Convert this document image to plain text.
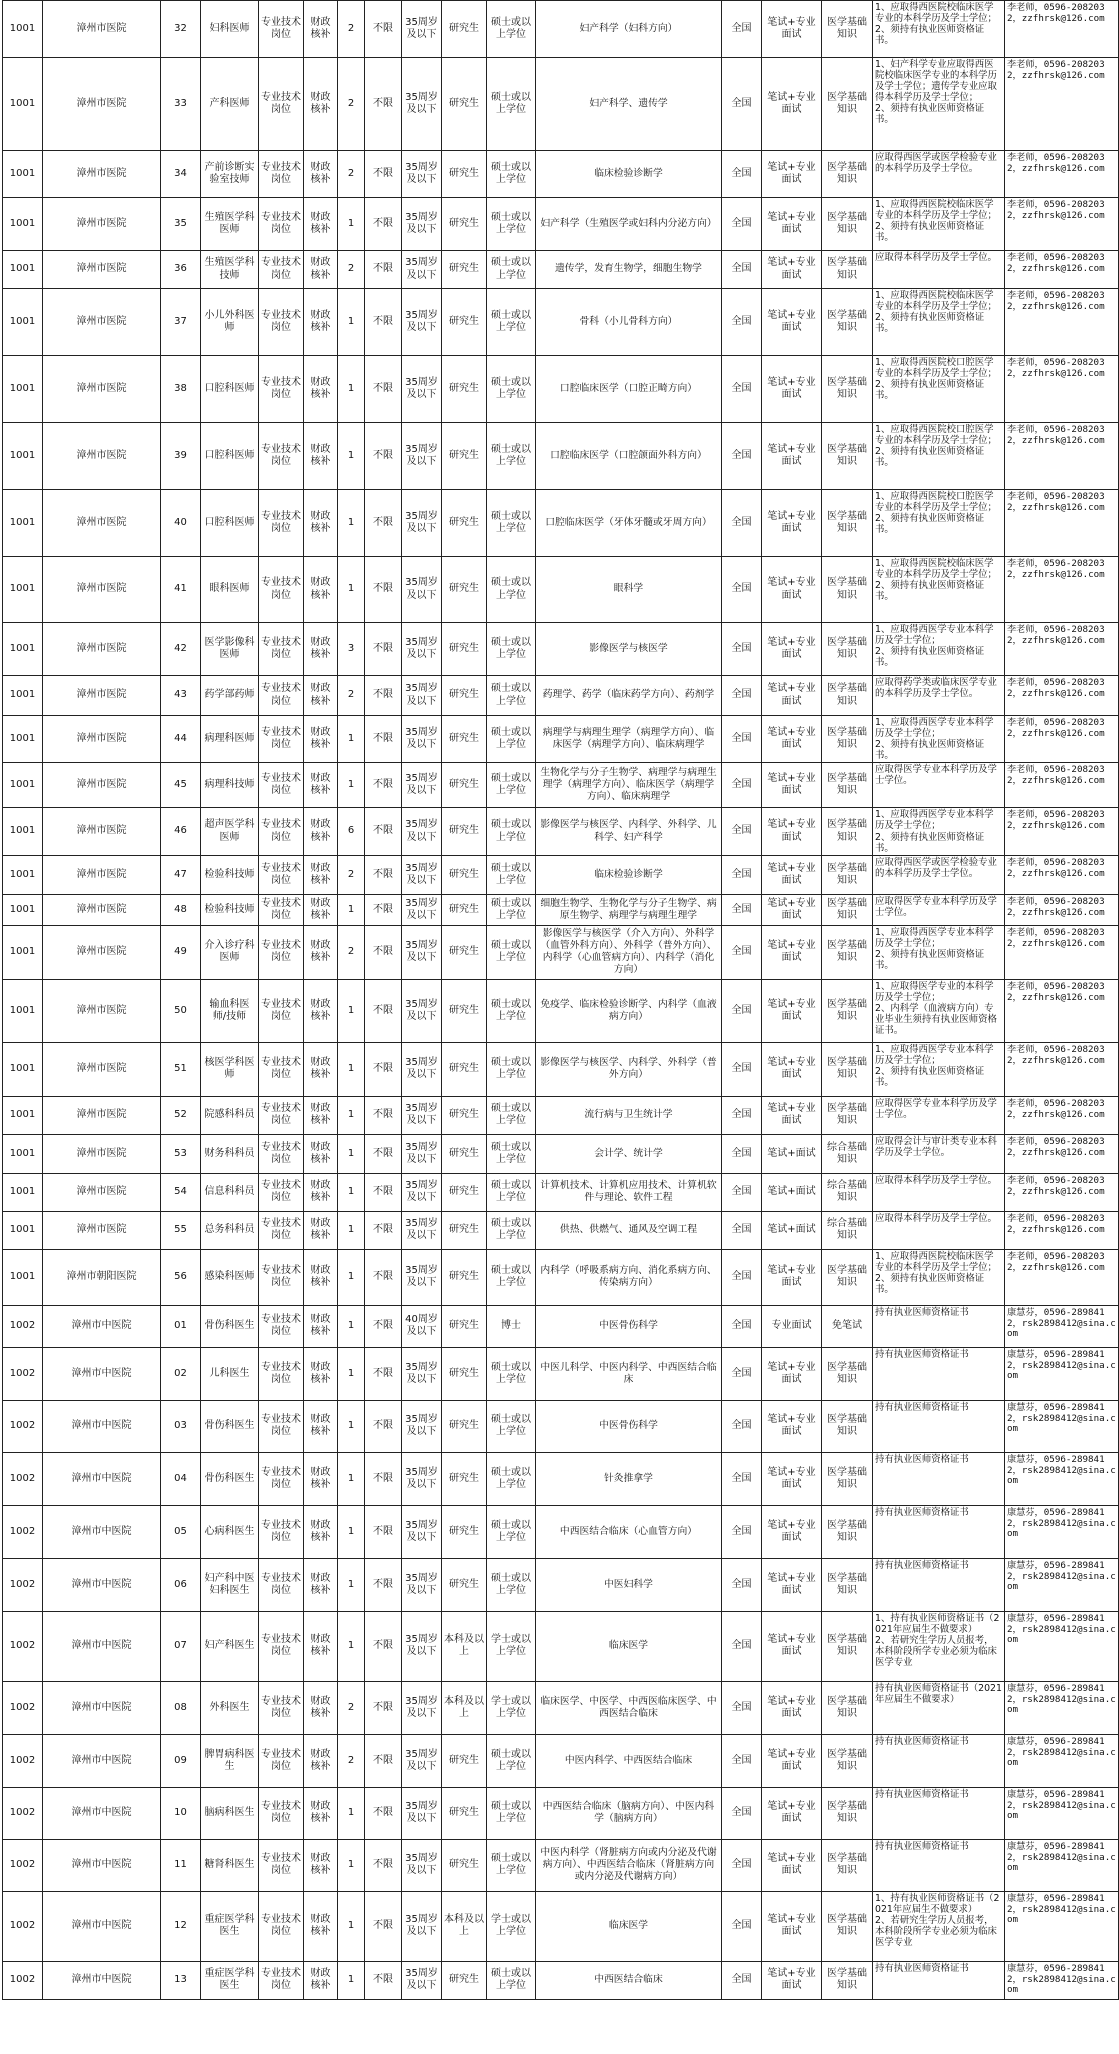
1001	漳州市医院	32	妇科医师	专业技术岗位	财政核补	2	不限	35周岁及以下	研究生	硕士或以上学位	妇产科学（妇科方向）	全国	笔试+专业面试	医学基础知识	1、应取得西医院校临床医学专业的本科学历及学士学位；
2、须持有执业医师资格证书。	李老师，0596-2082032，zzfhrsk@126.com
1001	漳州市医院	33	产科医师	专业技术岗位	财政核补	2	不限	35周岁及以下	研究生	硕士或以上学位	妇产科学、遗传学	全国	笔试+专业面试	医学基础知识	1、妇产科学专业应取得西医院校临床医学专业的本科学历及学士学位；遗传学专业应取得本科学历及学士学位；
2、须持有执业医师资格证书。	李老师，0596-2082032，zzfhrsk@126.com
1001	漳州市医院	34	产前诊断实验室技师	专业技术岗位	财政核补	2	不限	35周岁及以下	研究生	硕士或以上学位	临床检验诊断学	全国	笔试+专业面试	医学基础知识	应取得西医学或医学检验专业的本科学历及学士学位。	李老师，0596-2082032，zzfhrsk@126.com
1001	漳州市医院	35	生殖医学科医师	专业技术岗位	财政核补	1	不限	35周岁及以下	研究生	硕士或以上学位	妇产科学（生殖医学或妇科内分泌方向）	全国	笔试+专业面试	医学基础知识	1、应取得西医院校临床医学专业的本科学历及学士学位；
2、须持有执业医师资格证书。	李老师，0596-2082032，zzfhrsk@126.com
1001	漳州市医院	36	生殖医学科技师	专业技术岗位	财政核补	2	不限	35周岁及以下	研究生	硕士或以上学位	遗传学，发育生物学，细胞生物学	全国	笔试+专业面试	医学基础知识	应取得本科学历及学士学位。	李老师，0596-2082032，zzfhrsk@126.com
1001	漳州市医院	37	小儿外科医师	专业技术岗位	财政核补	1	不限	35周岁及以下	研究生	硕士或以上学位	骨科（小儿骨科方向）	全国	笔试+专业面试	医学基础知识	1、应取得西医院校临床医学专业的本科学历及学士学位；
2、须持有执业医师资格证书。	李老师，0596-2082032，zzfhrsk@126.com
1001	漳州市医院	38	口腔科医师	专业技术岗位	财政核补	1	不限	35周岁及以下	研究生	硕士或以上学位	口腔临床医学（口腔正畸方向）	全国	笔试+专业面试	医学基础知识	1、应取得西医院校口腔医学专业的本科学历及学士学位；
2、须持有执业医师资格证书。	李老师，0596-2082032，zzfhrsk@126.com
1001	漳州市医院	39	口腔科医师	专业技术岗位	财政核补	1	不限	35周岁及以下	研究生	硕士或以上学位	口腔临床医学（口腔颌面外科方向）	全国	笔试+专业面试	医学基础知识	1、应取得西医院校口腔医学专业的本科学历及学士学位；
2、须持有执业医师资格证书。	李老师，0596-2082032，zzfhrsk@126.com
1001	漳州市医院	40	口腔科医师	专业技术岗位	财政核补	1	不限	35周岁及以下	研究生	硕士或以上学位	口腔临床医学（牙体牙髓或牙周方向）	全国	笔试+专业面试	医学基础知识	1、应取得西医院校口腔医学专业的本科学历及学士学位；
2、须持有执业医师资格证书。	李老师，0596-2082032，zzfhrsk@126.com
1001	漳州市医院	41	眼科医师	专业技术岗位	财政核补	1	不限	35周岁及以下	研究生	硕士或以上学位	眼科学	全国	笔试+专业面试	医学基础知识	1、应取得西医院校临床医学专业的本科学历及学士学位；
2、须持有执业医师资格证书。	李老师，0596-2082032，zzfhrsk@126.com
1001	漳州市医院	42	医学影像科医师	专业技术岗位	财政核补	3	不限	35周岁及以下	研究生	硕士或以上学位	影像医学与核医学	全国	笔试+专业面试	医学基础知识	1、应取得西医学专业本科学历及学士学位；
2、须持有执业医师资格证书。	李老师，0596-2082032，zzfhrsk@126.com
1001	漳州市医院	43	药学部药师	专业技术岗位	财政核补	2	不限	35周岁及以下	研究生	硕士或以上学位	药理学、药学（临床药学方向）、药剂学	全国	笔试+专业面试	医学基础知识	应取得药学类或临床医学专业的本科学历及学士学位。	李老师，0596-2082032，zzfhrsk@126.com
1001	漳州市医院	44	病理科医师	专业技术岗位	财政核补	1	不限	35周岁及以下	研究生	硕士或以上学位	病理学与病理生理学（病理学方向）、临床医学（病理学方向）、临床病理学	全国	笔试+专业面试	医学基础知识	1、应取得西医学专业本科学历及学士学位；
2、须持有执业医师资格证书。	李老师，0596-2082032，zzfhrsk@126.com
1001	漳州市医院	45	病理科技师	专业技术岗位	财政核补	1	不限	35周岁及以下	研究生	硕士或以上学位	生物化学与分子生物学、病理学与病理生理学（病理学方向）、临床医学（病理学方向）、临床病理学	全国	笔试+专业面试	医学基础知识	应取得医学专业本科学历及学士学位。	李老师，0596-2082032，zzfhrsk@126.com
1001	漳州市医院	46	超声医学科医师	专业技术岗位	财政核补	6	不限	35周岁及以下	研究生	硕士或以上学位	影像医学与核医学、内科学、外科学、儿科学、妇产科学	全国	笔试+专业面试	医学基础知识	1、应取得西医学专业本科学历及学士学位；
2、须持有执业医师资格证书。	李老师，0596-2082032，zzfhrsk@126.com
1001	漳州市医院	47	检验科技师	专业技术岗位	财政核补	2	不限	35周岁及以下	研究生	硕士或以上学位	临床检验诊断学	全国	笔试+专业面试	医学基础知识	应取得西医学或医学检验专业的本科学历及学士学位。	李老师，0596-2082032，zzfhrsk@126.com
1001	漳州市医院	48	检验科技师	专业技术岗位	财政核补	1	不限	35周岁及以下	研究生	硕士或以上学位	细胞生物学、生物化学与分子生物学、病原生物学、病理学与病理生理学	全国	笔试+专业面试	医学基础知识	应取得医学专业本科学历及学士学位。	李老师，0596-2082032，zzfhrsk@126.com
1001	漳州市医院	49	介入诊疗科医师	专业技术岗位	财政核补	2	不限	35周岁及以下	研究生	硕士或以上学位	影像医学与核医学（介入方向）、外科学（血管外科方向）、外科学（普外方向）、内科学（心血管病方向）、内科学（消化方向）	全国	笔试+专业面试	医学基础知识	1、应取得西医学专业本科学历及学士学位；
2、须持有执业医师资格证书。	李老师，0596-2082032，zzfhrsk@126.com
1001	漳州市医院	50	输血科医师/技师	专业技术岗位	财政核补	1	不限	35周岁及以下	研究生	硕士或以上学位	免疫学、临床检验诊断学、内科学（血液病方向）	全国	笔试+专业面试	医学基础知识	1、应取得医学专业的本科学历及学士学位；
2、内科学（血液病方向）专业毕业生须持有执业医师资格证书。	李老师，0596-2082032，zzfhrsk@126.com
1001	漳州市医院	51	核医学科医师	专业技术岗位	财政核补	1	不限	35周岁及以下	研究生	硕士或以上学位	影像医学与核医学、内科学、外科学（普外方向）	全国	笔试+专业面试	医学基础知识	1、应取得西医学专业本科学历及学士学位；
2、须持有执业医师资格证书。	李老师，0596-2082032，zzfhrsk@126.com
1001	漳州市医院	52	院感科科员	专业技术岗位	财政核补	1	不限	35周岁及以下	研究生	硕士或以上学位	流行病与卫生统计学	全国	笔试+专业面试	医学基础知识	应取得医学专业本科学历及学士学位。	李老师，0596-2082032，zzfhrsk@126.com
1001	漳州市医院	53	财务科科员	专业技术岗位	财政核补	1	不限	35周岁及以下	研究生	硕士或以上学位	会计学、统计学	全国	笔试+面试	综合基础知识	应取得会计与审计类专业本科学历及学士学位。	李老师，0596-2082032，zzfhrsk@126.com
1001	漳州市医院	54	信息科科员	专业技术岗位	财政核补	1	不限	35周岁及以下	研究生	硕士或以上学位	计算机技术、计算机应用技术、计算机软件与理论、软件工程	全国	笔试+面试	综合基础知识	应取得本科学历及学士学位。	李老师，0596-2082032，zzfhrsk@126.com
1001	漳州市医院	55	总务科科员	专业技术岗位	财政核补	1	不限	35周岁及以下	研究生	硕士或以上学位	供热、供燃气、通风及空调工程	全国	笔试+面试	综合基础知识	应取得本科学历及学士学位。	李老师，0596-2082032，zzfhrsk@126.com
1001	漳州市朝阳医院	56	感染科医师	专业技术岗位	财政核补	1	不限	35周岁及以下	研究生	硕士或以上学位	内科学（呼吸系病方向、消化系病方向、传染病方向）	全国	笔试+专业面试	医学基础知识	1、应取得西医院校临床医学专业的本科学历及学士学位；
2、须持有执业医师资格证书。	李老师，0596-2082032，zzfhrsk@126.com
1002	漳州市中医院	01	骨伤科医生	专业技术岗位	财政核补	1	不限	40周岁及以下	研究生	博士	中医骨伤科学	全国	专业面试	免笔试	持有执业医师资格证书	康慧芬，0596-2898412，rsk2898412@sina.com
1002	漳州市中医院	02	儿科医生	专业技术岗位	财政核补	1	不限	35周岁及以下	研究生	硕士或以上学位	中医儿科学、中医内科学、中西医结合临床	全国	笔试+专业面试	医学基础知识	持有执业医师资格证书	康慧芬，0596-2898412，rsk2898412@sina.com
1002	漳州市中医院	03	骨伤科医生	专业技术岗位	财政核补	1	不限	35周岁及以下	研究生	硕士或以上学位	中医骨伤科学	全国	笔试+专业面试	医学基础知识	持有执业医师资格证书	康慧芬，0596-2898412，rsk2898412@sina.com
1002	漳州市中医院	04	骨伤科医生	专业技术岗位	财政核补	1	不限	35周岁及以下	研究生	硕士或以上学位	针灸推拿学	全国	笔试+专业面试	医学基础知识	持有执业医师资格证书	康慧芬，0596-2898412，rsk2898412@sina.com
1002	漳州市中医院	05	心病科医生	专业技术岗位	财政核补	1	不限	35周岁及以下	研究生	硕士或以上学位	中西医结合临床（心血管方向）	全国	笔试+专业面试	医学基础知识	持有执业医师资格证书	康慧芬，0596-2898412，rsk2898412@sina.com
1002	漳州市中医院	06	妇产科中医妇科医生	专业技术岗位	财政核补	1	不限	35周岁及以下	研究生	硕士或以上学位	中医妇科学	全国	笔试+专业面试	医学基础知识	持有执业医师资格证书	康慧芬，0596-2898412，rsk2898412@sina.com
1002	漳州市中医院	07	妇产科医生	专业技术岗位	财政核补	1	不限	35周岁及以下	本科及以上	学士或以上学位	临床医学	全国	笔试+专业面试	医学基础知识	1、持有执业医师资格证书（2021年应届生不做要求）
2、若研究生学历人员报考，本科阶段所学专业必须为临床医学专业	康慧芬，0596-2898412，rsk2898412@sina.com
1002	漳州市中医院	08	外科医生	专业技术岗位	财政核补	2	不限	35周岁及以下	本科及以上	学士或以上学位	临床医学、中医学、中西医临床医学、中西医结合临床	全国	笔试+专业面试	医学基础知识	持有执业医师资格证书（2021年应届生不做要求）	康慧芬，0596-2898412，rsk2898412@sina.com
1002	漳州市中医院	09	脾胃病科医生	专业技术岗位	财政核补	2	不限	35周岁及以下	研究生	硕士或以上学位	中医内科学、中西医结合临床	全国	笔试+专业面试	医学基础知识	持有执业医师资格证书	康慧芬，0596-2898412，rsk2898412@sina.com
1002	漳州市中医院	10	脑病科医生	专业技术岗位	财政核补	1	不限	35周岁及以下	研究生	硕士或以上学位	中西医结合临床（脑病方向）、中医内科学（脑病方向）	全国	笔试+专业面试	医学基础知识	持有执业医师资格证书	康慧芬，0596-2898412，rsk2898412@sina.com
1002	漳州市中医院	11	糖肾科医生	专业技术岗位	财政核补	1	不限	35周岁及以下	研究生	硕士或以上学位	中医内科学（肾脏病方向或内分泌及代谢病方向）、中西医结合临床（肾脏病方向或内分泌及代谢病方向）	全国	笔试+专业面试	医学基础知识	持有执业医师资格证书	康慧芬，0596-2898412，rsk2898412@sina.com
1002	漳州市中医院	12	重症医学科医生	专业技术岗位	财政核补	1	不限	35周岁及以下	本科及以上	学士或以上学位	临床医学	全国	笔试+专业面试	医学基础知识	1、持有执业医师资格证书（2021年应届生不做要求）
2、若研究生学历人员报考，本科阶段所学专业必须为临床医学专业	康慧芬，0596-2898412，rsk2898412@sina.com
1002	漳州市中医院	13	重症医学科医生	专业技术岗位	财政核补	1	不限	35周岁及以下	研究生	硕士或以上学位	中西医结合临床	全国	笔试+专业面试	医学基础知识	持有执业医师资格证书	康慧芬，0596-2898412，rsk2898412@sina.com
